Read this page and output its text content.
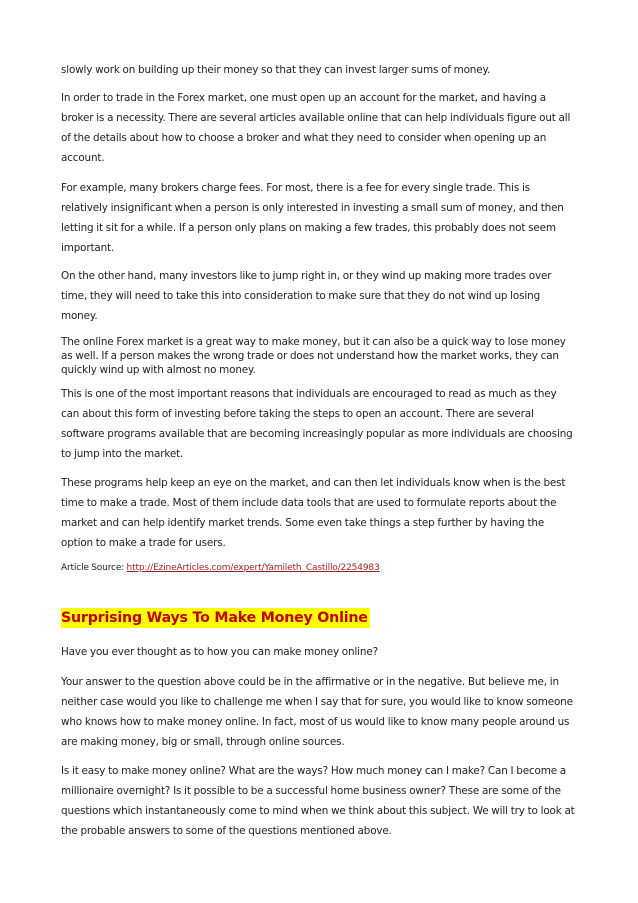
slowly work on building up their money so that they can invest larger sums of money.

In order to trade in the Forex market, one must open up an account for the market, and having a broker is a necessity. There are several articles available online that can help individuals figure out all of the details about how to choose a broker and what they need to consider when opening up an account.

For example, many brokers charge fees. For most, there is a fee for every single trade. This is relatively insignificant when a person is only interested in investing a small sum of money, and then letting it sit for a while. If a person only plans on making a few trades, this probably does not seem important.

On the other hand, many investors like to jump right in, or they wind up making more trades over time, they will need to take this into consideration to make sure that they do not wind up losing money.

The online Forex market is a great way to make money, but it can also be a quick way to lose money as well. If a person makes the wrong trade or does not understand how the market works, they can quickly wind up with almost no money.

This is one of the most important reasons that individuals are encouraged to read as much as they can about this form of investing before taking the steps to open an account. There are several software programs available that are becoming increasingly popular as more individuals are choosing to jump into the market.

These programs help keep an eye on the market, and can then let individuals know when is the best time to make a trade. Most of them include data tools that are used to formulate reports about the market and can help identify market trends. Some even take things a step further by having the option to make a trade for users.

Article Source: http://EzineArticles.com/expert/Yamileth_Castillo/2254983

Surprising Ways To Make Money Online

Have you ever thought as to how you can make money online?

Your answer to the question above could be in the affirmative or in the negative. But believe me, in neither case would you like to challenge me when I say that for sure, you would like to know someone who knows how to make money online. In fact, most of us would like to know many people around us are making money, big or small, through online sources.

Is it easy to make money online? What are the ways? How much money can I make? Can I become a millionaire overnight? Is it possible to be a successful home business owner? These are some of the questions which instantaneously come to mind when we think about this subject. We will try to look at the probable answers to some of the questions mentioned above.
